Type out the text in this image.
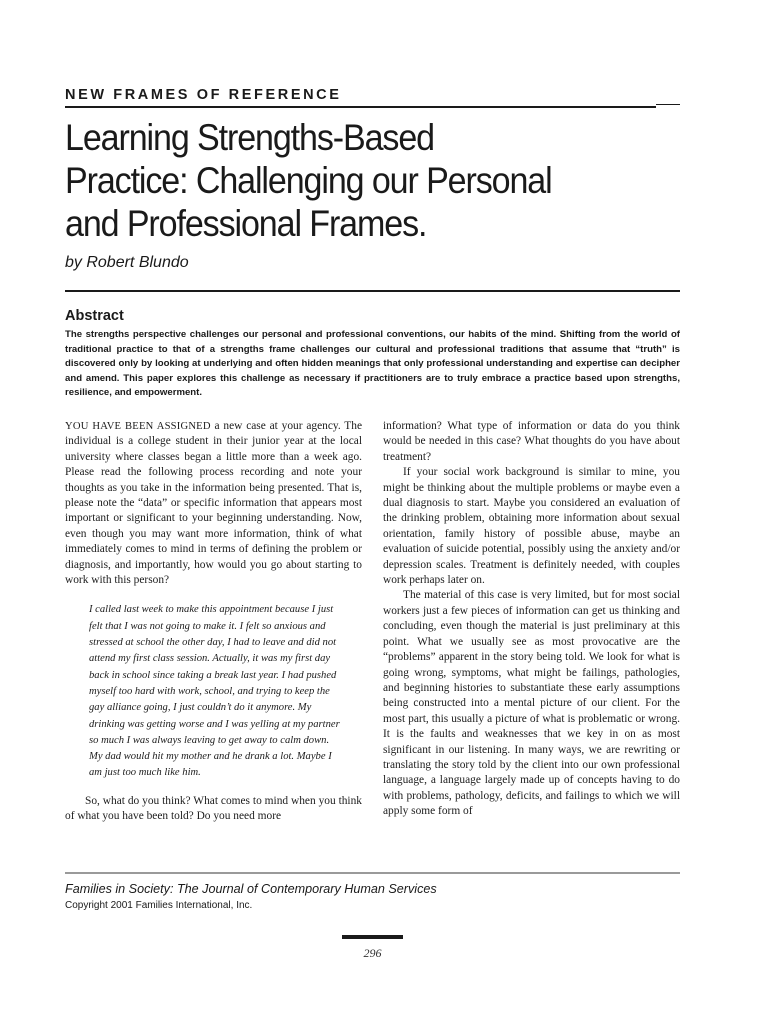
NEW FRAMES OF REFERENCE
Learning Strengths-Based
Practice: Challenging our Personal
and Professional Frames.
by Robert Blundo
Abstract
The strengths perspective challenges our personal and professional conventions, our habits of the mind. Shifting from the world of traditional practice to that of a strengths frame challenges our cultural and professional traditions that assume that “truth” is discovered only by looking at underlying and often hidden meanings that only professional understanding and expertise can decipher and amend. This paper explores this challenge as necessary if practitioners are to truly embrace a practice based upon strengths, resilience, and empowerment.

YOU HAVE BEEN ASSIGNED a new case at your agency. The individual is a college student in their junior year at the local university where classes began a little more than a week ago. Please read the following process recording and note your thoughts as you take in the information being presented. That is, please note the “data” or specific information that appears most important or significant to your beginning understanding. Now, even though you may want more information, think of what immediately comes to mind in terms of defining the problem or diagnosis, and importantly, how would you go about starting to work with this person?

I called last week to make this appointment because I just felt that I was not going to make it. I felt so anxious and stressed at school the other day, I had to leave and did not attend my first class session. Actually, it was my first day back in school since taking a break last year. I had pushed myself too hard with work, school, and trying to keep the gay alliance going, I just couldn’t do it anymore. My drinking was getting worse and I was yelling at my partner so much I was always leaving to get away to calm down. My dad would hit my mother and he drank a lot. Maybe I am just too much like him.

So, what do you think? What comes to mind when you think of what you have been told? Do you need more

information? What type of information or data do you think would be needed in this case? What thoughts do you have about treatment?

If your social work background is similar to mine, you might be thinking about the multiple problems or maybe even a dual diagnosis to start. Maybe you considered an evaluation of the drinking problem, obtaining more information about sexual orientation, family history of possible abuse, maybe an evaluation of suicide potential, possibly using the anxiety and/or depression scales. Treatment is definitely needed, with couples work perhaps later on.

The material of this case is very limited, but for most social workers just a few pieces of information can get us thinking and concluding, even though the material is just preliminary at this point. What we usually see as most provocative are the “problems” apparent in the story being told. We look for what is going wrong, symptoms, what might be failings, pathologies, and beginning histories to substantiate these early assumptions being constructed into a mental picture of our client. For the most part, this usually a picture of what is problematic or wrong. It is the faults and weaknesses that we key in on as most significant in our listening. In many ways, we are rewriting or translating the story told by the client into our own professional language, a language largely made up of concepts having to do with problems, pathology, deficits, and failings to which we will apply some form of

Families in Society: The Journal of Contemporary Human Services
Copyright 2001 Families International, Inc.
296
